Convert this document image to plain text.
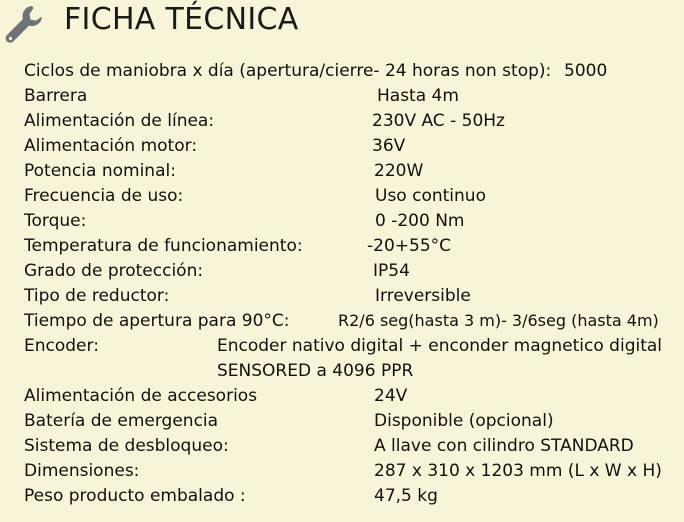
FICHA TÉCNICA
Ciclos de maniobra x día (apertura/cierre- 24 horas non stop): 5000
Barrera	Hasta 4m
Alimentación de línea:	230V AC - 50Hz
Alimentación motor:	36V
Potencia nominal:	220W
Frecuencia de uso:	Uso continuo
Torque:	0 -200 Nm
Temperatura de funcionamiento:	-20+55°C
Grado de protección:	IP54
Tipo de reductor:	Irreversible
Tiempo de apertura para 90°C:	R2/6 seg(hasta 3 m)- 3/6seg (hasta 4m)
Encoder:	Encoder nativo digital + enconder magnetico digital
SENSORED a 4096 PPR
Alimentación de accesorios	24V
Batería de emergencia	Disponible (opcional)
Sistema de desbloqueo:	A llave con cilindro STANDARD
Dimensiones:	287 x 310 x 1203 mm (L x W x H)
Peso producto embalado :	47,5 kg
